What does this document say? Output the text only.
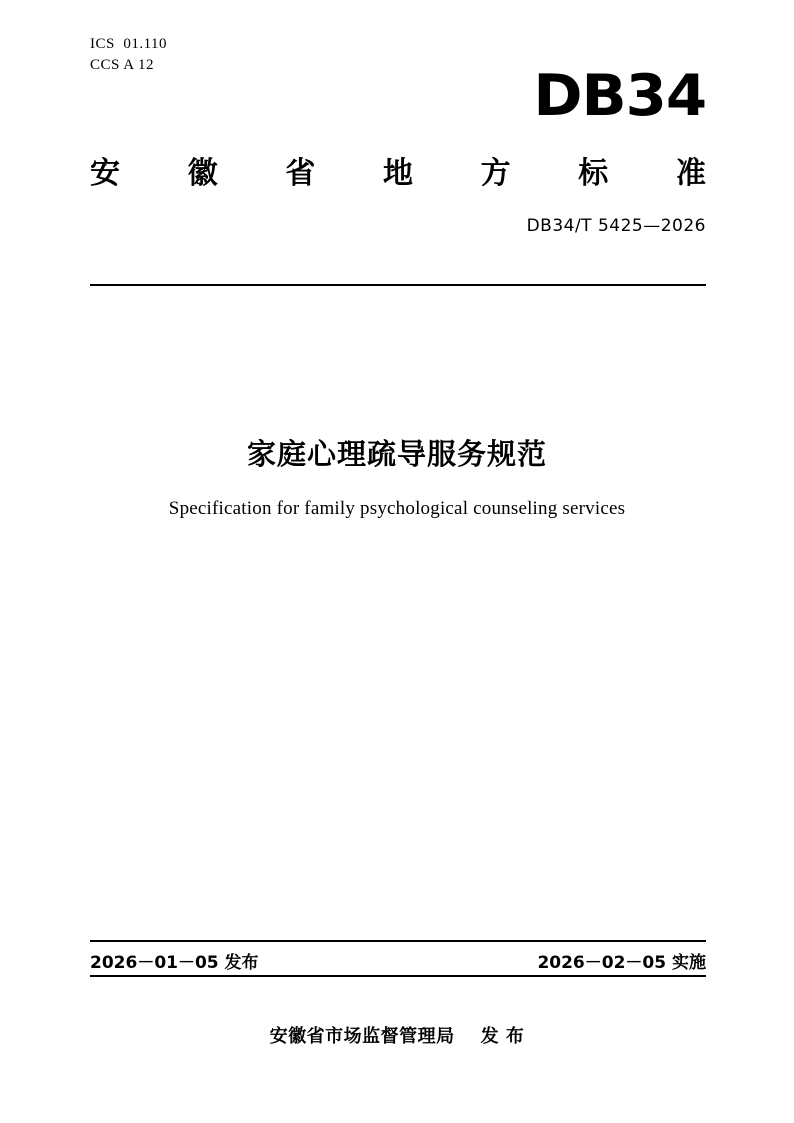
ICS  01.110
CCS A 12	DB34
安 徽 省 地 方 标 准
DB34/T 5425—2026
家庭心理疏导服务规范
Specification for family psychological counseling services
2026－01－05 发布	2026－02－05 实施
安徽省市场监督管理局 发 布
